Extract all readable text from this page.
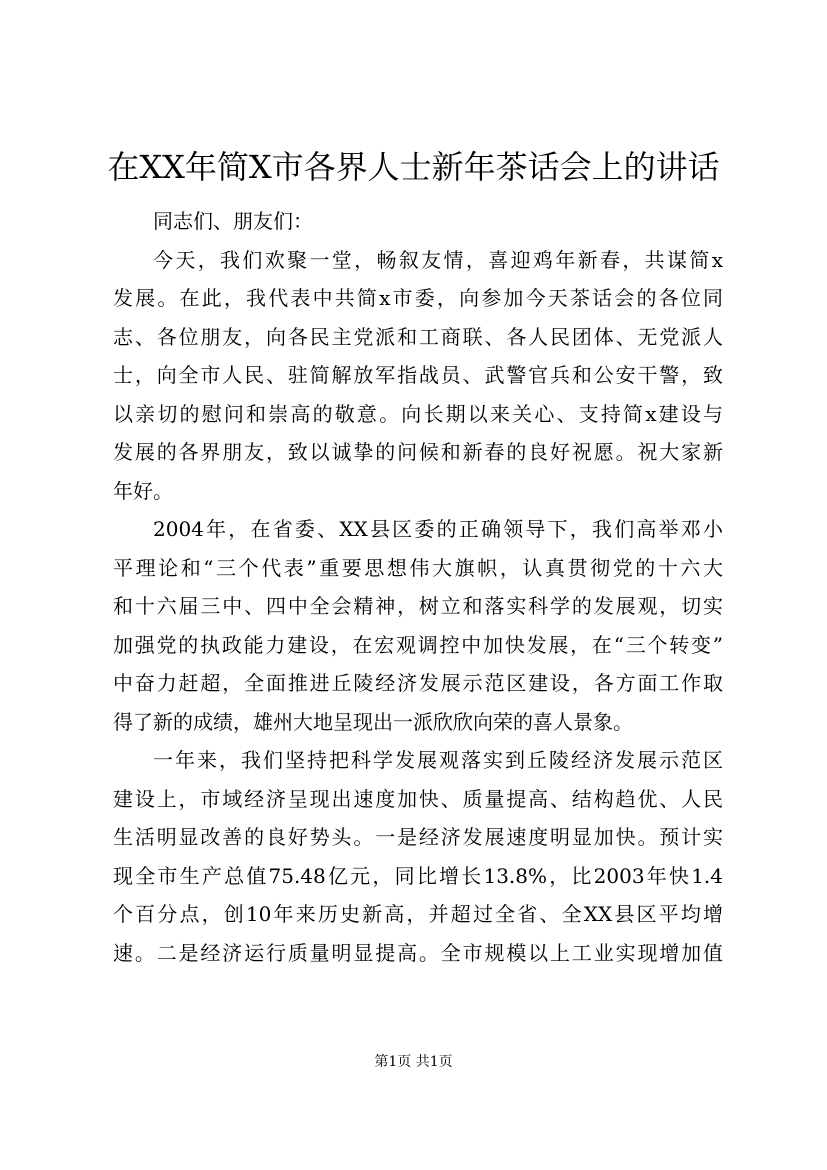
在XX年简X市各界人士新年茶话会上的讲话
同志们、朋友们：
今天，我们欢聚一堂，畅叙友情，喜迎鸡年新春，共谋简x
发展。在此，我代表中共简x市委，向参加今天茶话会的各位同
志、各位朋友，向各民主党派和工商联、各人民团体、无党派人
士，向全市人民、驻简解放军指战员、武警官兵和公安干警，致
以亲切的慰问和崇高的敬意。向长期以来关心、支持简x建设与
发展的各界朋友，致以诚挚的问候和新春的良好祝愿。祝大家新
年好。
2004年，在省委、XX县区委的正确领导下，我们高举邓小
平理论和“三个代表”重要思想伟大旗帜，认真贯彻党的十六大
和十六届三中、四中全会精神，树立和落实科学的发展观，切实
加强党的执政能力建设，在宏观调控中加快发展，在“三个转变”
中奋力赶超，全面推进丘陵经济发展示范区建设，各方面工作取
得了新的成绩，雄州大地呈现出一派欣欣向荣的喜人景象。
一年来，我们坚持把科学发展观落实到丘陵经济发展示范区
建设上，市域经济呈现出速度加快、质量提高、结构趋优、人民
生活明显改善的良好势头。一是经济发展速度明显加快。预计实
现全市生产总值75.48亿元，同比增长13.8%，比2003年快1.4
个百分点，创10年来历史新高，并超过全省、全XX县区平均增
速。二是经济运行质量明显提高。全市规模以上工业实现增加值
第1页 共1页
